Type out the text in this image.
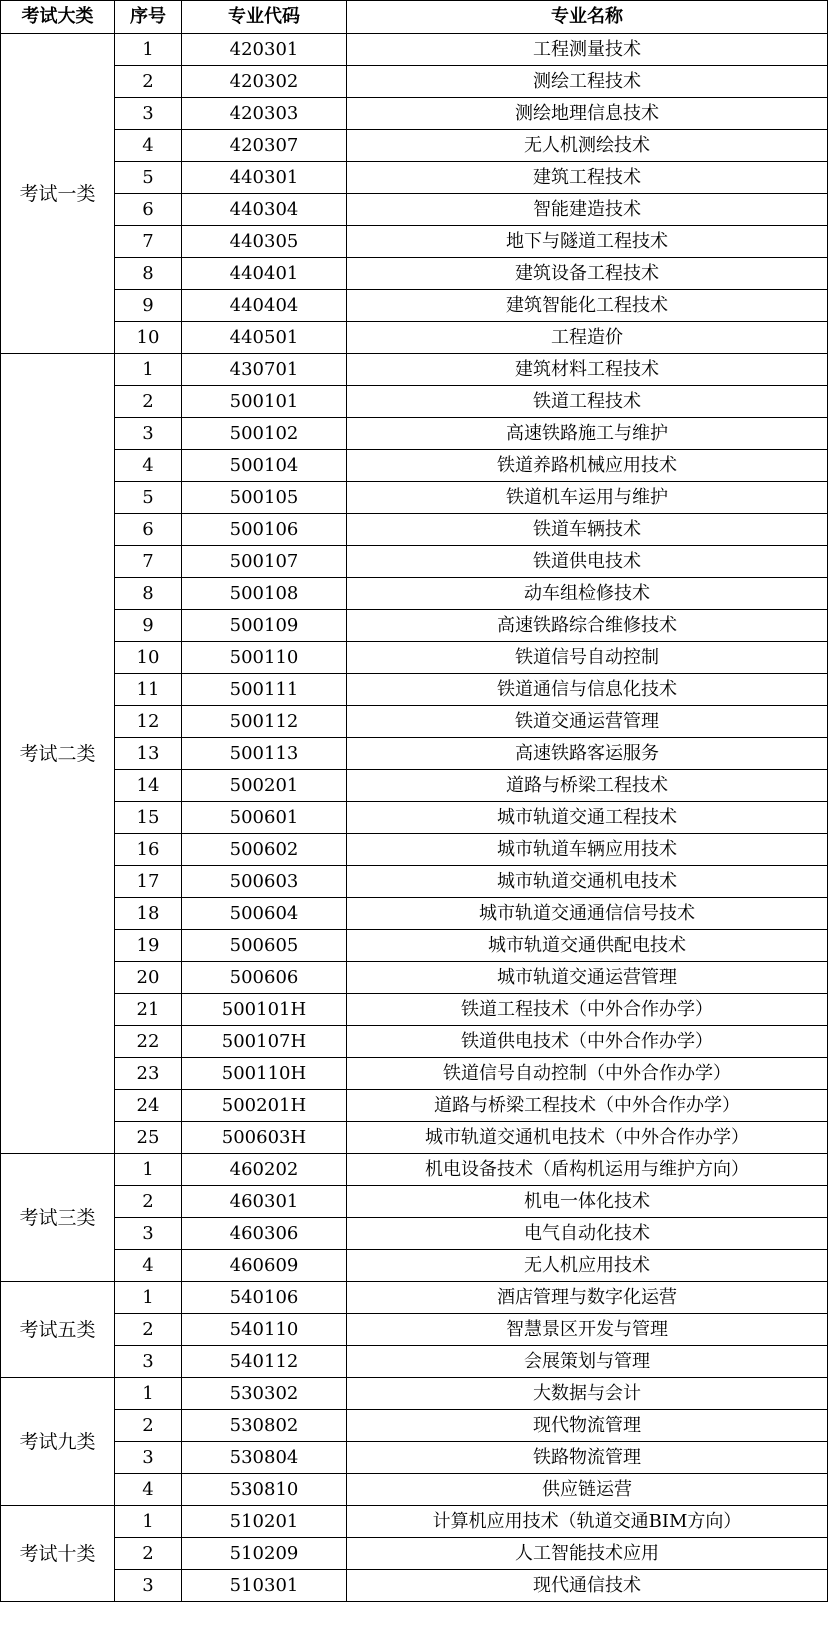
考试大类	序号	专业代码	专业名称
考试一类	1	420301	工程测量技术
	2	420302	测绘工程技术
	3	420303	测绘地理信息技术
	4	420307	无人机测绘技术
	5	440301	建筑工程技术
	6	440304	智能建造技术
	7	440305	地下与隧道工程技术
	8	440401	建筑设备工程技术
	9	440404	建筑智能化工程技术
	10	440501	工程造价
考试二类	1	430701	建筑材料工程技术
	2	500101	铁道工程技术
	3	500102	高速铁路施工与维护
	4	500104	铁道养路机械应用技术
	5	500105	铁道机车运用与维护
	6	500106	铁道车辆技术
	7	500107	铁道供电技术
	8	500108	动车组检修技术
	9	500109	高速铁路综合维修技术
	10	500110	铁道信号自动控制
	11	500111	铁道通信与信息化技术
	12	500112	铁道交通运营管理
	13	500113	高速铁路客运服务
	14	500201	道路与桥梁工程技术
	15	500601	城市轨道交通工程技术
	16	500602	城市轨道车辆应用技术
	17	500603	城市轨道交通机电技术
	18	500604	城市轨道交通通信信号技术
	19	500605	城市轨道交通供配电技术
	20	500606	城市轨道交通运营管理
	21	500101H	铁道工程技术（中外合作办学）
	22	500107H	铁道供电技术（中外合作办学）
	23	500110H	铁道信号自动控制（中外合作办学）
	24	500201H	道路与桥梁工程技术（中外合作办学）
	25	500603H	城市轨道交通机电技术（中外合作办学）
考试三类	1	460202	机电设备技术（盾构机运用与维护方向）
	2	460301	机电一体化技术
	3	460306	电气自动化技术
	4	460609	无人机应用技术
考试五类	1	540106	酒店管理与数字化运营
	2	540110	智慧景区开发与管理
	3	540112	会展策划与管理
考试九类	1	530302	大数据与会计
	2	530802	现代物流管理
	3	530804	铁路物流管理
	4	530810	供应链运营
考试十类	1	510201	计算机应用技术（轨道交通BIM方向）
	2	510209	人工智能技术应用
	3	510301	现代通信技术
